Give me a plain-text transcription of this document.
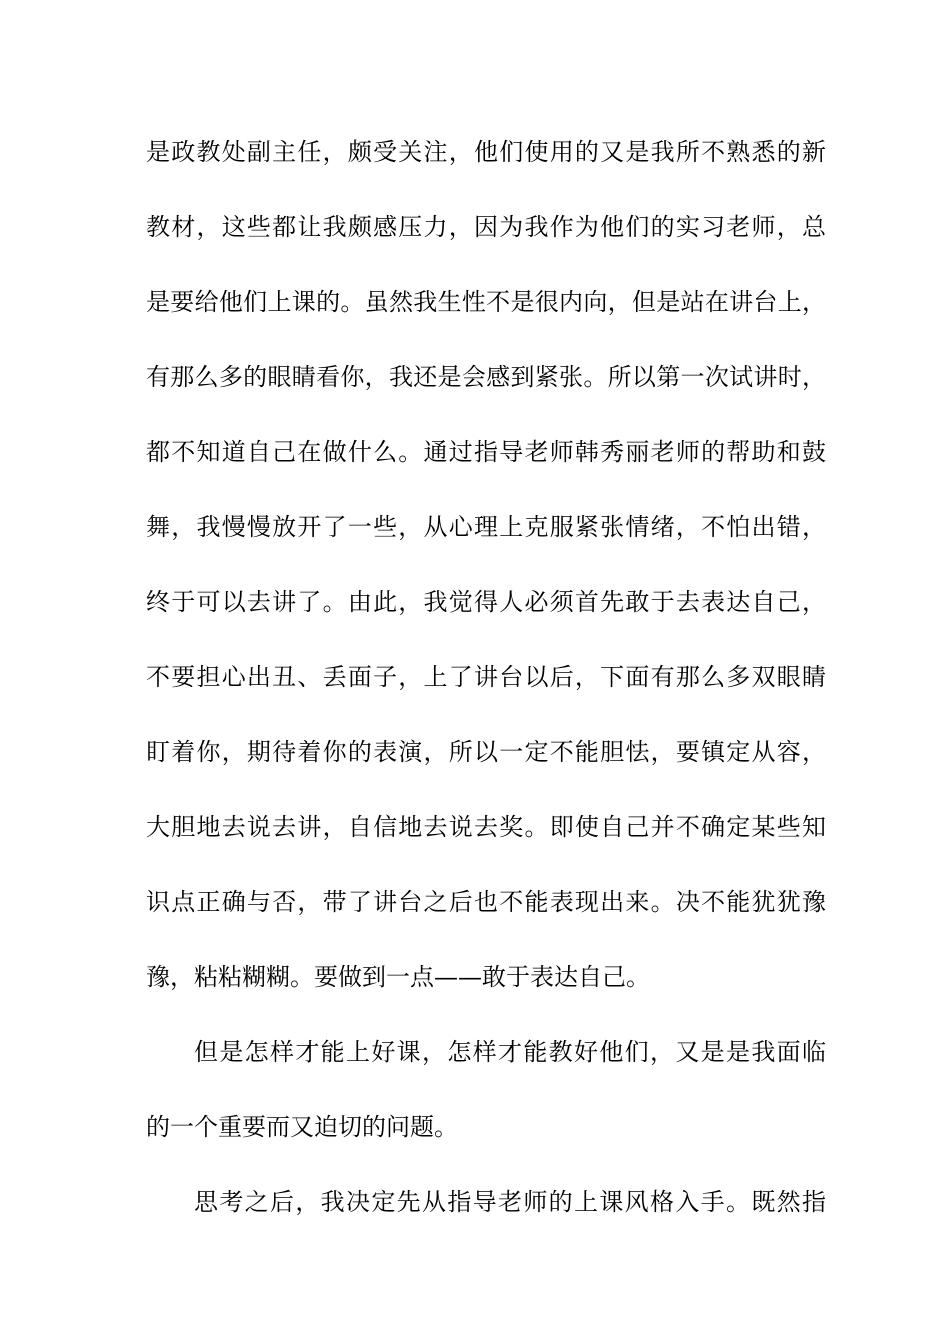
是政教处副主任，颇受关注，他们使用的又是我所不熟悉的新
教材，这些都让我颇感压力，因为我作为他们的实习老师，总
是要给他们上课的。虽然我生性不是很内向，但是站在讲台上，
有那么多的眼睛看你，我还是会感到紧张。所以第一次试讲时，
都不知道自己在做什么。通过指导老师韩秀丽老师的帮助和鼓
舞，我慢慢放开了一些，从心理上克服紧张情绪，不怕出错，
终于可以去讲了。由此，我觉得人必须首先敢于去表达自己，
不要担心出丑、丢面子，上了讲台以后，下面有那么多双眼睛
盯着你，期待着你的表演，所以一定不能胆怯，要镇定从容，
大胆地去说去讲，自信地去说去奖。即使自己并不确定某些知
识点正确与否，带了讲台之后也不能表现出来。决不能犹犹豫
豫，粘粘糊糊。要做到一点——敢于表达自己。
但是怎样才能上好课，怎样才能教好他们，又是是我面临
的一个重要而又迫切的问题。
思考之后，我决定先从指导老师的上课风格入手。既然指
